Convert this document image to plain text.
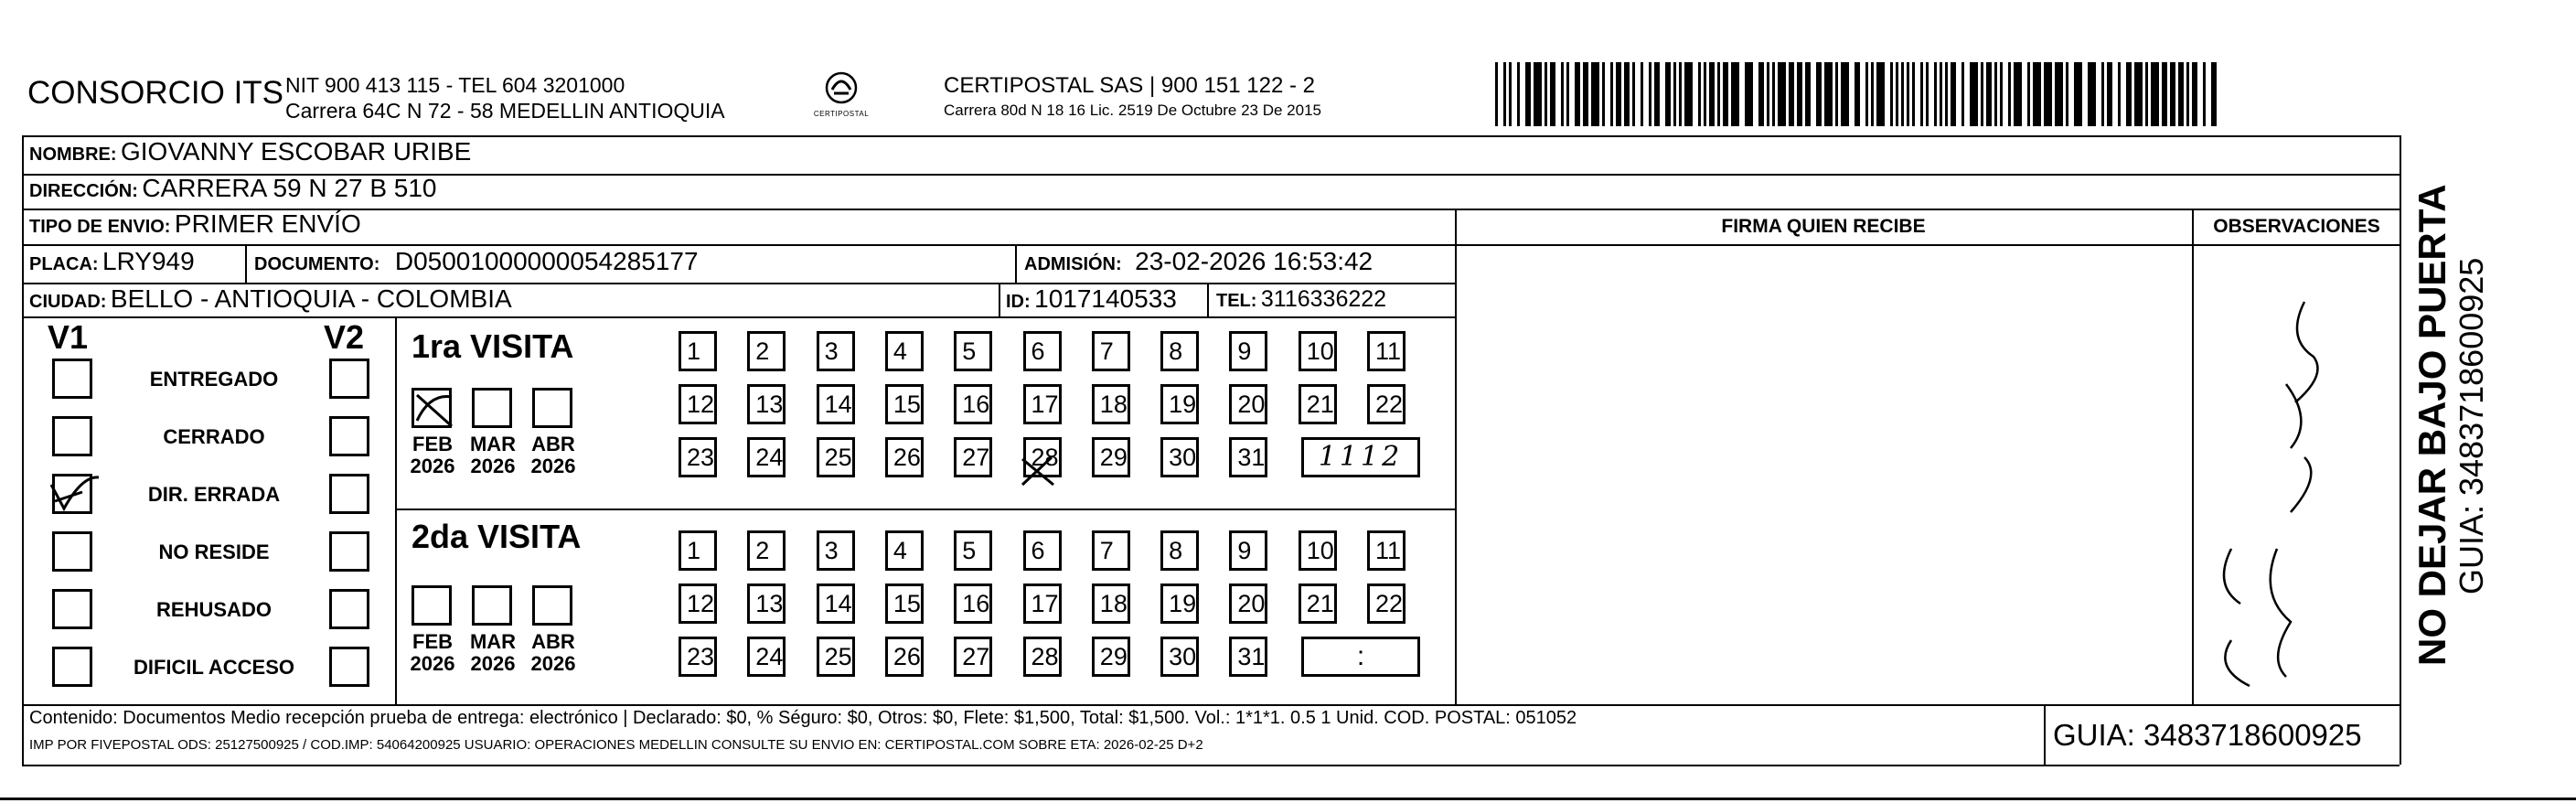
CONSORCIO ITS NIT 900 413 115 - TEL 604 3201000
Carrera 64C N 72 - 58 MEDELLIN ANTIOQUIA	CERTIPOSTAL
CERTIPOSTAL SAS | 900 151 122 - 2
Carrera 80d N 18 16 Lic. 2519 De Octubre 23 De 2015
NOMBRE: GIOVANNY ESCOBAR URIBE
DIRECCIÓN: CARRERA 59 N 27 B 510
TIPO DE ENVIO: PRIMER ENVÍO	FIRMA QUIEN RECIBE	OBSERVACIONES
PLACA: LRY949	DOCUMENTO: D05001000000054285177	ADMISIÓN: 23-02-2026 16:53:42
CIUDAD: BELLO - ANTIOQUIA - COLOMBIA	ID: 1017140533 TEL: 3116336222
V1	V2
ENTREGADO
CERRADO
DIR. ERRADA
NO RESIDE
REHUSADO
DIFICIL ACCESO
1ra VISITA
FEB
2026
MAR
2026
ABR
2026
1	2	3	4	5	6	7	8	9	10	11
12	13	14	15	16	17	18	19	20	21	22
23	24	25	26	27	28	29	30	31	1112
2da VISITA
FEB
2026
MAR
2026
ABR
2026
1	2	3	4	5	6	7	8	9	10	11
12	13	14	15	16	17	18	19	20	21	22
23	24	25	26	27	28	29	30	31	:
Contenido: Documentos Medio recepción prueba de entrega: electrónico | Declarado: $0, % Séguro: $0, Otros: $0, Flete: $1,500, Total: $1,500. Vol.: 1*1*1. 0.5 1 Unid. COD. POSTAL: 051052
IMP POR FIVEPOSTAL ODS: 25127500925 / COD.IMP: 54064200925 USUARIO: OPERACIONES MEDELLIN CONSULTE SU ENVIO EN: CERTIPOSTAL.COM SOBRE ETA: 2026-02-25 D+2	GUIA: 3483718600925
NO DEJAR BAJO PUERTA GUIA: 3483718600925
